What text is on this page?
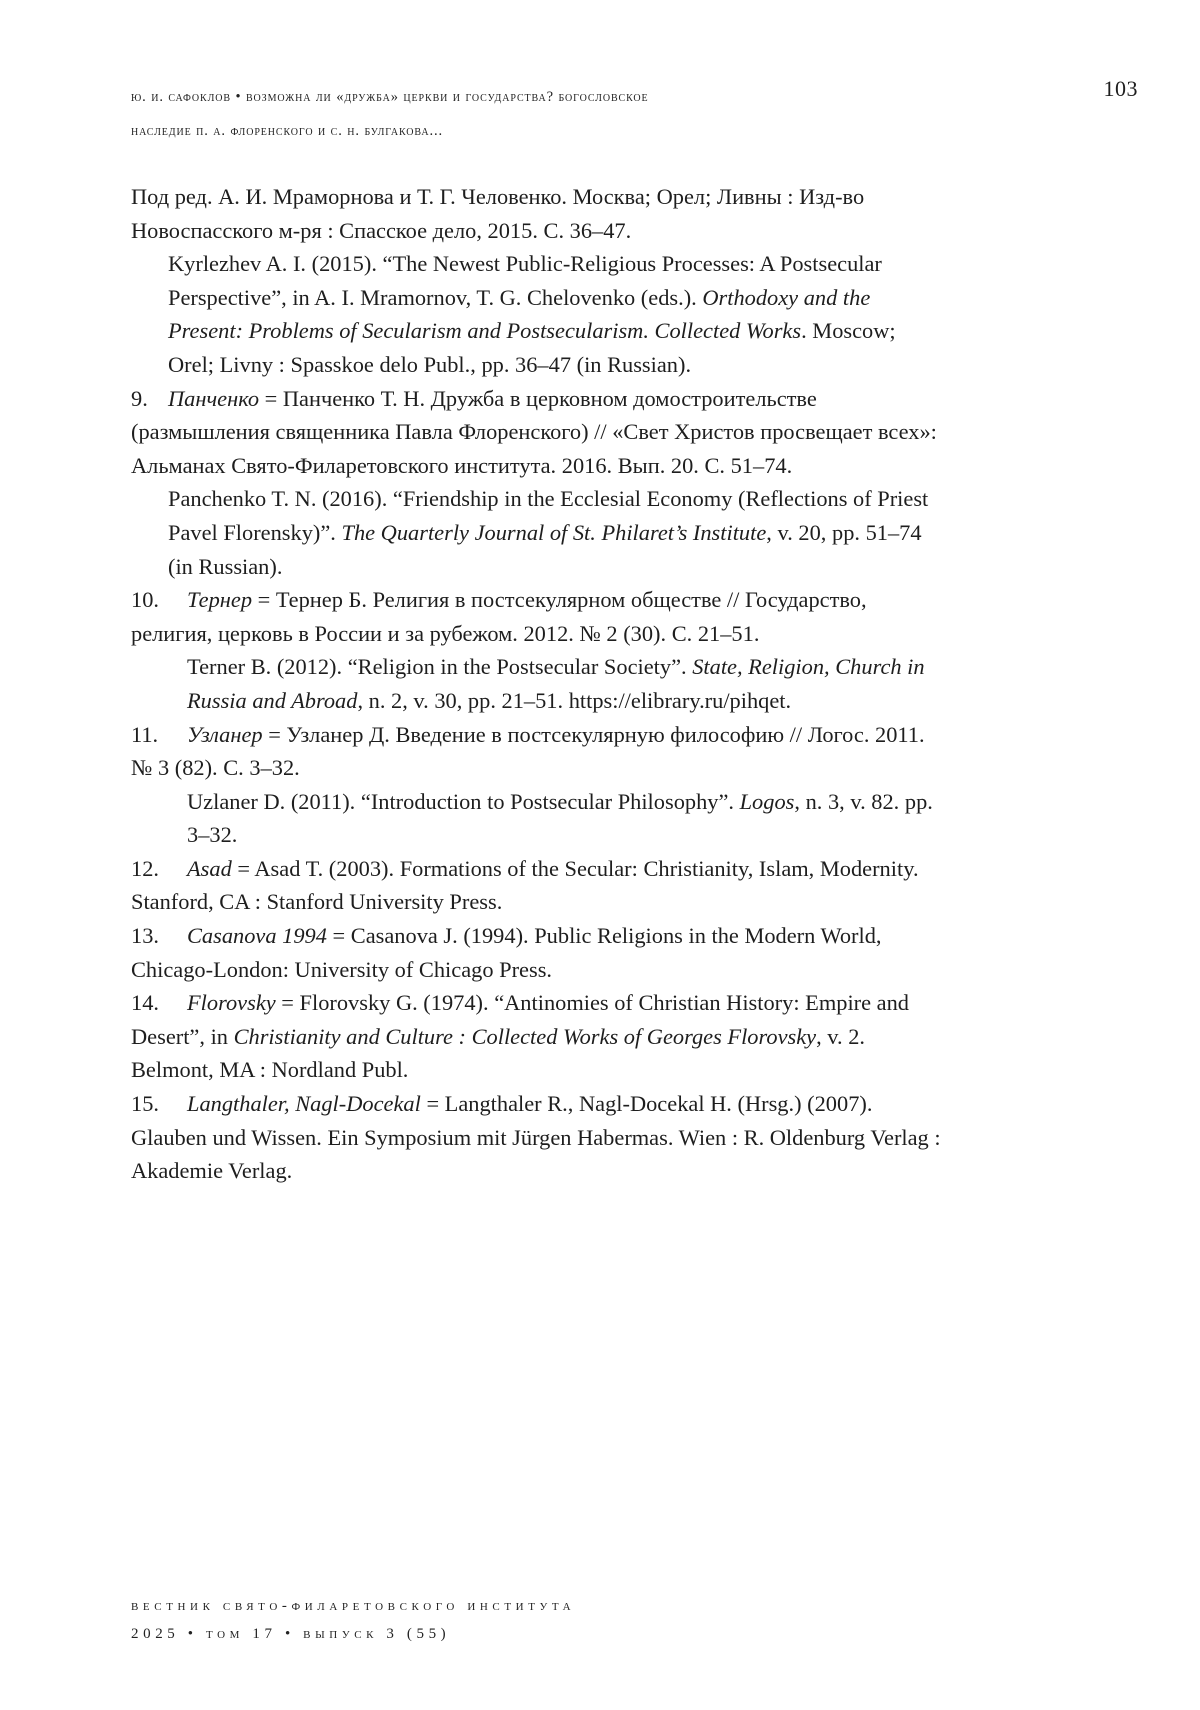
ю. и. сафоклов • возможна ли «дружба» церкви и государства? богословское
наследие п. а. флоренского и с. н. булгакова...
103

Под ред. А. И. Мраморнова и Т. Г. Человенко. Москва; Орел; Ливны : Изд-во Новоспасского м-ря : Спасское дело, 2015. С. 36–47.

Kyrlezhev A. I. (2015). “The Newest Public-Religious Processes: A Postsecular Perspective”, in A. I. Mramornov, T. G. Chelovenko (eds.). Orthodoxy and the Present: Problems of Secularism and Postsecularism. Collected Works. Moscow; Orel; Livny : Spasskoe delo Publ., pp. 36–47 (in Russian).

9. Панченко = Панченко Т. Н. Дружба в церковном домостроительстве (размышления священника Павла Флоренского) // «Свет Христов просвещает всех»: Альманах Свято-Филаретовского института. 2016. Вып. 20. С. 51–74.

Panchenko T. N. (2016). “Friendship in the Ecclesial Economy (Reflections of Priest Pavel Florensky)”. The Quarterly Journal of St. Philaret’s Institute, v. 20, pp. 51–74 (in Russian).

10. Тернер = Тернер Б. Религия в постсекулярном обществе // Государство, религия, церковь в России и за рубежом. 2012. № 2 (30). С. 21–51.

Terner B. (2012). “Religion in the Postsecular Society”. State, Religion, Church in Russia and Abroad, n. 2, v. 30, pp. 21–51. https://elibrary.ru/pihqet.

11. Узланер = Узланер Д. Введение в постсекулярную философию // Логос. 2011. № 3 (82). С. 3–32.

Uzlaner D. (2011). “Introduction to Postsecular Philosophy”. Logos, n. 3, v. 82. pp. 3–32.

12. Asad = Asad T. (2003). Formations of the Secular: Christianity, Islam, Modernity. Stanford, CA : Stanford University Press.

13. Casanova 1994 = Casanova J. (1994). Public Religions in the Modern World, Chicago-London: University of Chicago Press.

14. Florovsky = Florovsky G. (1974). “Antinomies of Christian History: Empire and Desert”, in Christianity and Culture : Collected Works of Georges Florovsky, v. 2. Belmont, MA : Nordland Publ.

15. Langthaler, Nagl-Docekal = Langthaler R., Nagl-Docekal H. (Hrsg.) (2007). Glauben und Wissen. Ein Symposium mit Jürgen Habermas. Wien : R. Oldenburg Verlag : Akademie Verlag.

вестник свято-филаретовского института
2025 • том 17 • выпуск 3 (55)
